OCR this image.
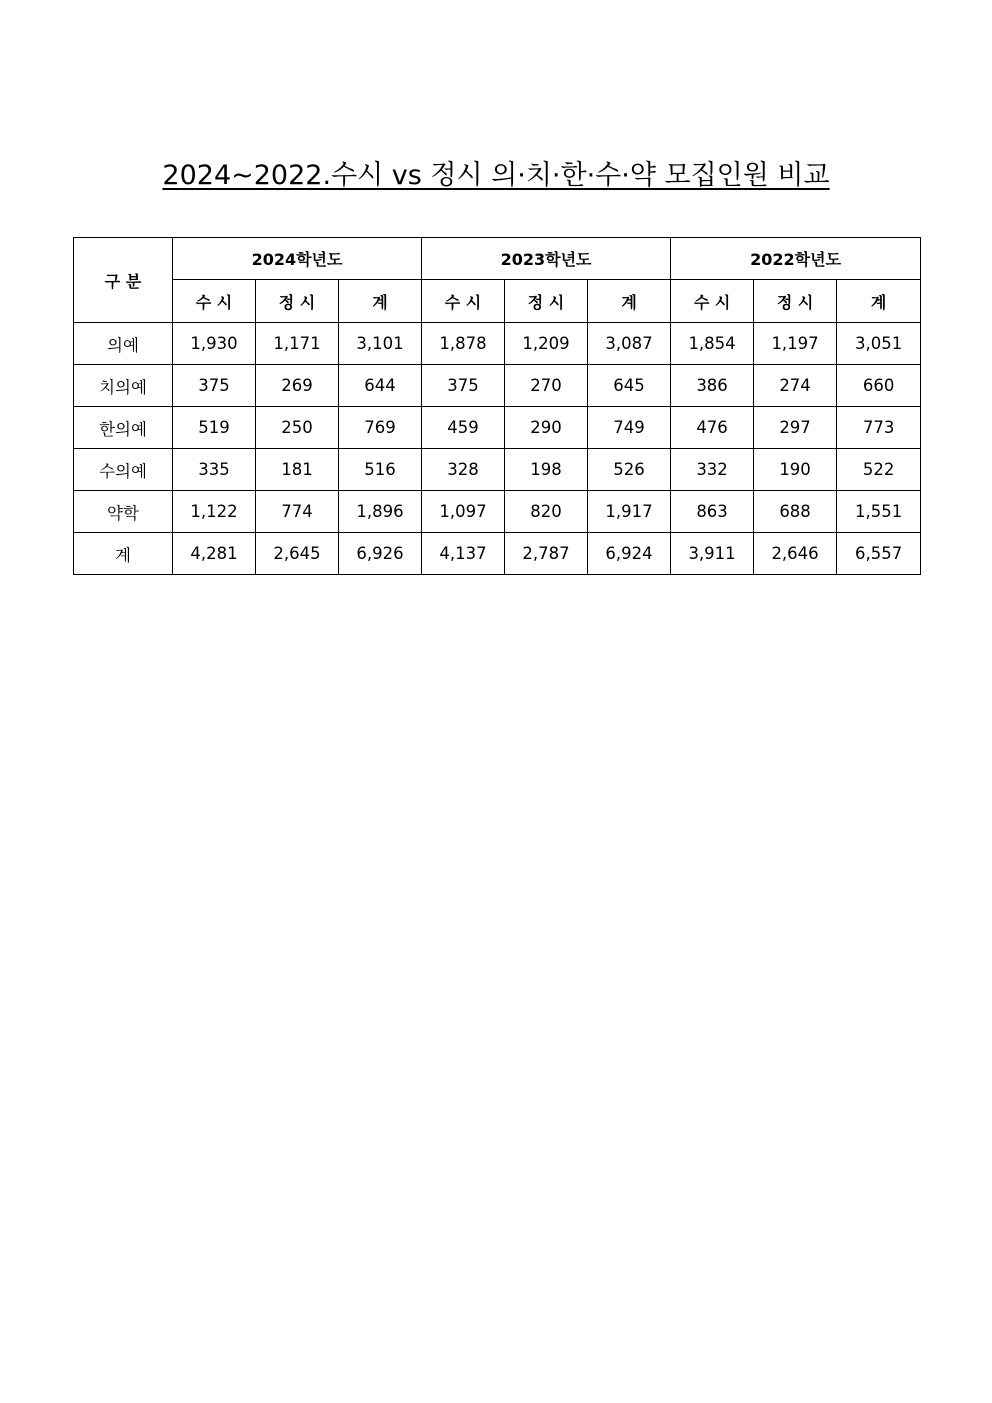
2024~2022.수시 vs 정시 의·치·한·수·약 모집인원 비교
구 분	2024학년도			2023학년도			2022학년도		
	수 시	정 시	계	수 시	정 시	계	수 시	정 시	계
의예	1,930	1,171	3,101	1,878	1,209	3,087	1,854	1,197	3,051
치의예	375	269	644	375	270	645	386	274	660
한의예	519	250	769	459	290	749	476	297	773
수의예	335	181	516	328	198	526	332	190	522
약학	1,122	774	1,896	1,097	820	1,917	863	688	1,551
계	4,281	2,645	6,926	4,137	2,787	6,924	3,911	2,646	6,557
